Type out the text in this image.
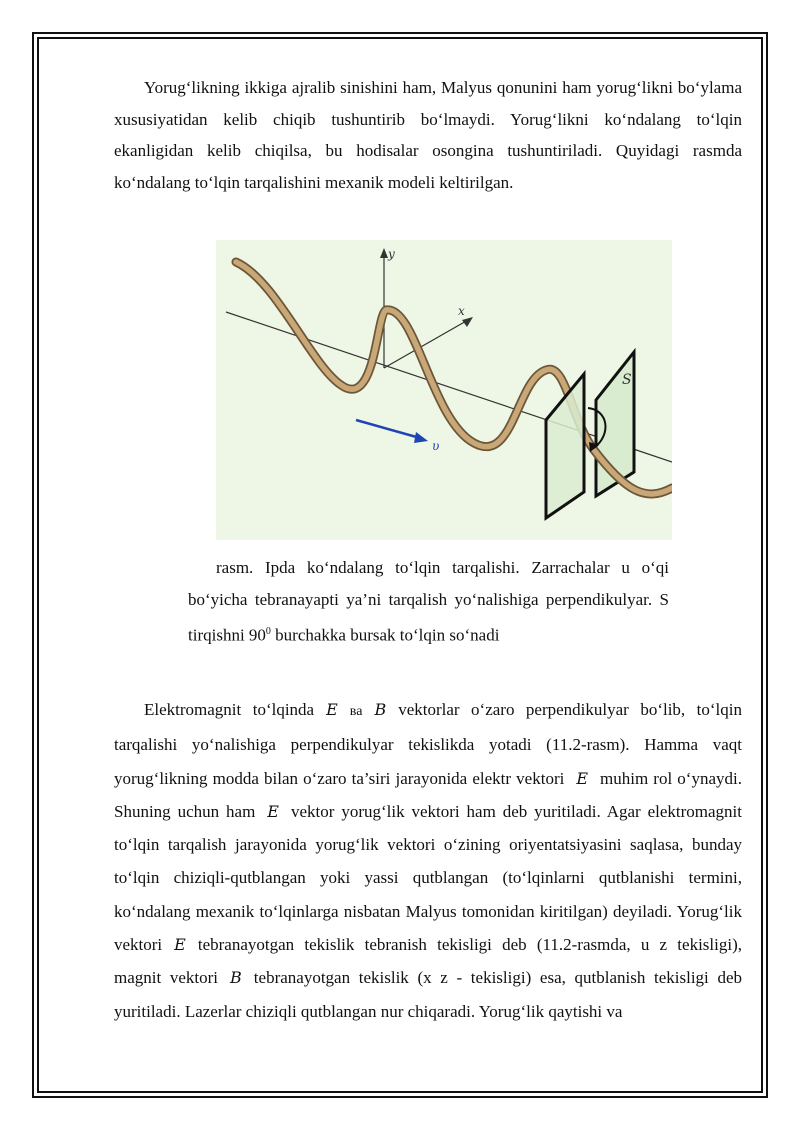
Yorug‘likning ikkiga ajralib sinishini ham, Malyus qonunini ham yorug‘likni bo‘ylama xususiyatidan kelib chiqib tushuntirib bo‘lmaydi. Yorug‘likni ko‘ndalang to‘lqin ekanligidan kelib chiqilsa, bu hodisalar osongina tushuntiriladi. Quyidagi rasmda ko‘ndalang to‘lqin tarqalishini mexanik modeli keltirilgan.

y
x
S
υ

rasm. Ipda ko‘ndalang to‘lqin tarqalishi. Zarrachalar u o‘qi bo‘yicha tebranayapti ya’ni tarqalish yo‘nalishiga perpendikulyar. S tirqishni $90^0$ burchakka bursak to‘lqin so‘nadi

Elektromagnit to‘lqinda E ва B vektorlar o‘zaro perpendikulyar bo‘lib, to‘lqin tarqalishi yo‘nalishiga perpendikulyar tekislikda yotadi (11.2-rasm). Hamma vaqt yorug‘likning modda bilan o‘zaro ta’siri jarayonida elektr vektori E muhim rol o‘ynaydi. Shuning uchun ham E vektor yorug‘lik vektori ham deb yuritiladi. Agar elektromagnit to‘lqin tarqalish jarayonida yorug‘lik vektori o‘zining oriyentatsiyasini saqlasa, bunday to‘lqin chiziqli-qutblangan yoki yassi qutblangan (to‘lqinlarni qutblanishi termini, ko‘ndalang mexanik to‘lqinlarga nisbatan Malyus tomonidan kiritilgan) deyiladi. Yorug‘lik vektori E tebranayotgan tekislik tebranish tekisligi deb (11.2-rasmda, u z tekisligi), magnit vektori B tebranayotgan tekislik (x z - tekisligi) esa, qutblanish tekisligi deb yuritiladi. Lazerlar chiziqli qutblangan nur chiqaradi. Yorug‘lik qaytishi va
